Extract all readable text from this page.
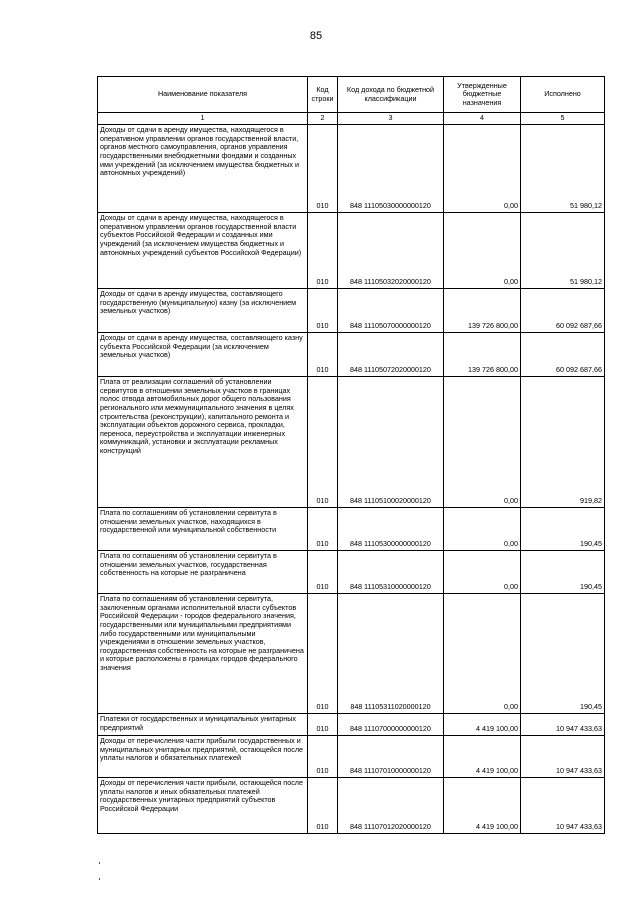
85
Наименование показателя	Код строки	Код дохода по бюджетной классификации	Утвержденные бюджетные назначения	Исполнено
1	2	3	4	5
Доходы от сдачи в аренду имущества, находящегося в оперативном управлении органов государственной власти, органов местного самоуправления, органов управления государственными внебюджетными фондами и созданных ими учреждений (за исключением имущества бюджетных и автономных учреждений)	010	848 11105030000000120	0,00	51 980,12
Доходы от сдачи в аренду имущества, находящегося в оперативном управлении органов государственной власти субъектов Российской Федерации и созданных ими учреждений (за исключением имущества бюджетных и автономных учреждений субъектов Российской Федерации)	010	848 11105032020000120	0,00	51 980,12
Доходы от сдачи в аренду имущества, составляющего государственную (муниципальную) казну (за исключением земельных участков)	010	848 11105070000000120	139 726 800,00	60 092 687,66
Доходы от сдачи в аренду имущества, составляющего казну субъекта Российской Федерации (за исключением земельных участков)	010	848 11105072020000120	139 726 800,00	60 092 687,66
Плата от реализации соглашений об установлении сервитутов в отношении земельных участков в границах полос отвода автомобильных дорог общего пользования регионального или межмуниципального значения в целях строительства (реконструкции), капитального ремонта и эксплуатации объектов дорожного сервиса, прокладки, переноса, переустройства и эксплуатации инженерных коммуникаций, установки и эксплуатации рекламных конструкций	010	848 11105100020000120	0,00	919,82
Плата по соглашениям об установлении сервитута в отношении земельных участков, находящихся в государственной или муниципальной собственности	010	848 11105300000000120	0,00	190,45
Плата по соглашениям об установлении сервитута в отношении земельных участков, государственная собственность на которые не разграничена	010	848 11105310000000120	0,00	190,45
Плата по соглашениям об установлении сервитута, заключенным органами исполнительной власти субъектов Российской Федерации - городов федерального значения, государственными или муниципальными предприятиями либо государственными или муниципальными учреждениями в отношении земельных участков, государственная собственность на которые не разграничена и которые расположены в границах городов федерального значения	010	848 11105311020000120	0,00	190,45
Платежи от государственных и муниципальных унитарных предприятий	010	848 11107000000000120	4 419 100,00	10 947 433,63
Доходы от перечисления части прибыли государственных и муниципальных унитарных предприятий, остающейся после уплаты налогов и обязательных платежей	010	848 11107010000000120	4 419 100,00	10 947 433,63
Доходы от перечисления части прибыли, остающейся после уплаты налогов и иных обязательных платежей государственных унитарных предприятий субъектов Российской Федерации	010	848 11107012020000120	4 419 100,00	10 947 433,63
